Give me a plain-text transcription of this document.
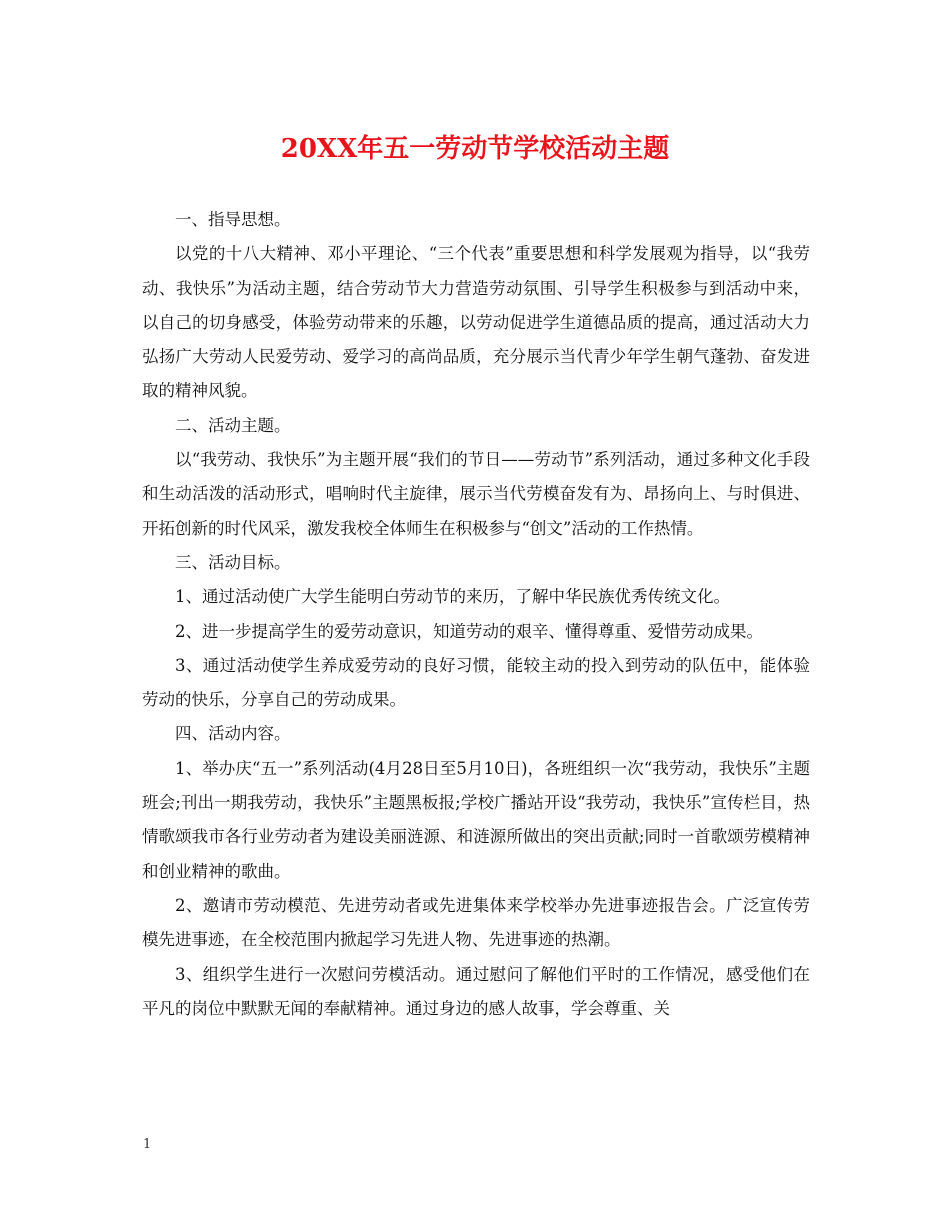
20XX年五一劳动节学校活动主题

一、指导思想。

以党的十八大精神、邓小平理论、“三个代表”重要思想和科学发展观为指导，以“我劳动、我快乐”为活动主题，结合劳动节大力营造劳动氛围、引导学生积极参与到活动中来，以自己的切身感受，体验劳动带来的乐趣，以劳动促进学生道德品质的提高，通过活动大力弘扬广大劳动人民爱劳动、爱学习的高尚品质，充分展示当代青少年学生朝气蓬勃、奋发进取的精神风貌。

二、活动主题。

以“我劳动、我快乐”为主题开展“我们的节日——劳动节”系列活动，通过多种文化手段和生动活泼的活动形式，唱响时代主旋律，展示当代劳模奋发有为、昂扬向上、与时俱进、开拓创新的时代风采，激发我校全体师生在积极参与“创文”活动的工作热情。

三、活动目标。

1、通过活动使广大学生能明白劳动节的来历，了解中华民族优秀传统文化。

2、进一步提高学生的爱劳动意识，知道劳动的艰辛、懂得尊重、爱惜劳动成果。

3、通过活动使学生养成爱劳动的良好习惯，能较主动的投入到劳动的队伍中，能体验劳动的快乐，分享自己的劳动成果。

四、活动内容。

1、举办庆“五一”系列活动(4月28日至5月10日)，各班组织一次“我劳动，我快乐”主题班会;刊出一期我劳动，我快乐”主题黑板报;学校广播站开设“我劳动，我快乐”宣传栏目，热情歌颂我市各行业劳动者为建设美丽涟源、和涟源所做出的突出贡献;同时一首歌颂劳模精神和创业精神的歌曲。

2、邀请市劳动模范、先进劳动者或先进集体来学校举办先进事迹报告会。广泛宣传劳模先进事迹，在全校范围内掀起学习先进人物、先进事迹的热潮。

3、组织学生进行一次慰问劳模活动。通过慰问了解他们平时的工作情况，感受他们在平凡的岗位中默默无闻的奉献精神。通过身边的感人故事，学会尊重、关

1
